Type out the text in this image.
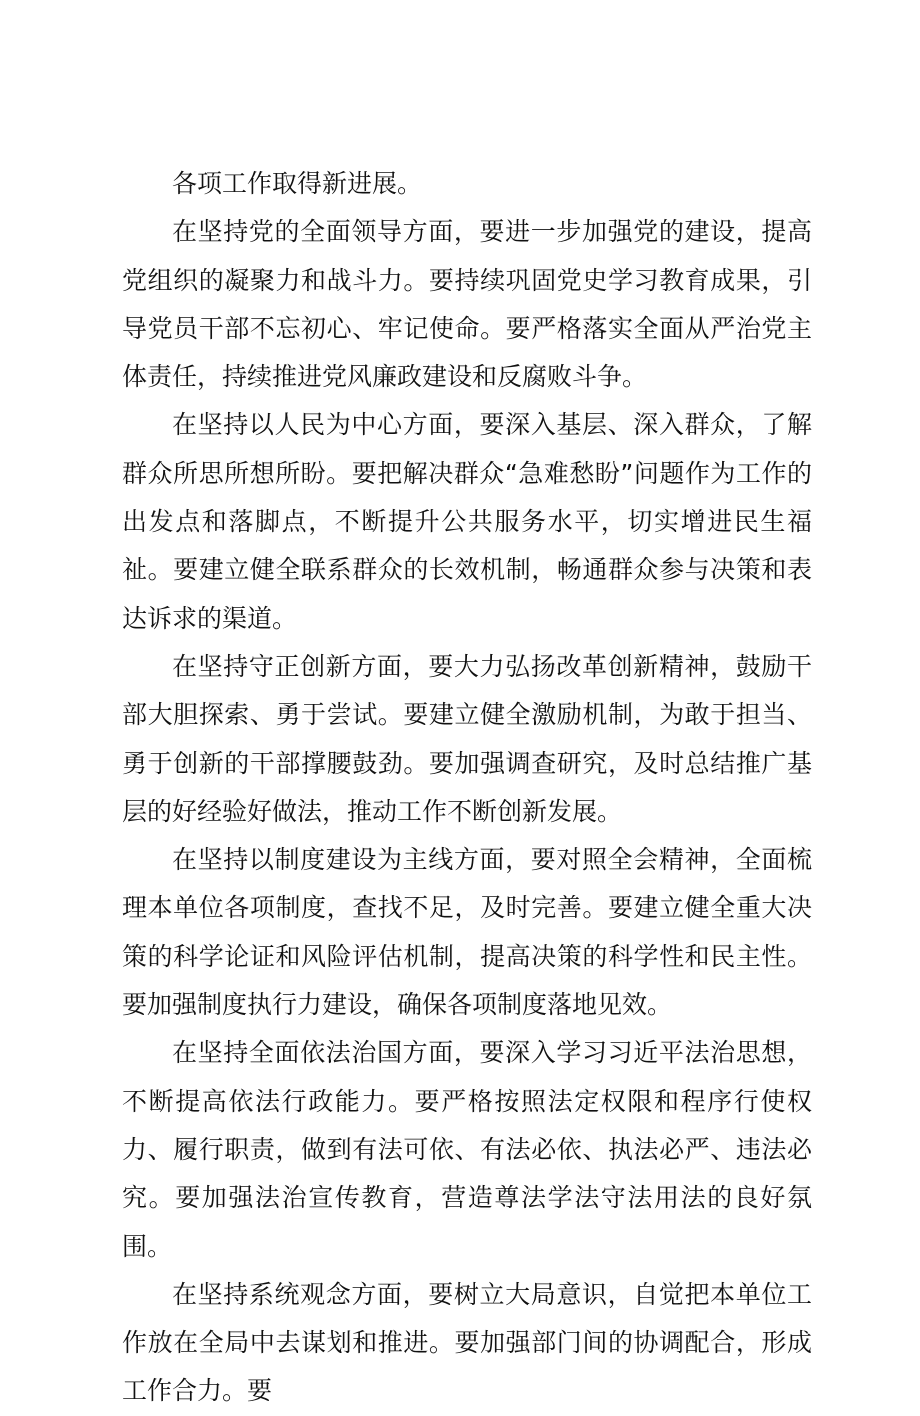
各项工作取得新进展。

在坚持党的全面领导方面，要进一步加强党的建设，提高党组织的凝聚力和战斗力。要持续巩固党史学习教育成果，引导党员干部不忘初心、牢记使命。要严格落实全面从严治党主体责任，持续推进党风廉政建设和反腐败斗争。

在坚持以人民为中心方面，要深入基层、深入群众，了解群众所思所想所盼。要把解决群众“急难愁盼”问题作为工作的出发点和落脚点，不断提升公共服务水平，切实增进民生福祉。要建立健全联系群众的长效机制，畅通群众参与决策和表达诉求的渠道。

在坚持守正创新方面，要大力弘扬改革创新精神，鼓励干部大胆探索、勇于尝试。要建立健全激励机制，为敢于担当、勇于创新的干部撑腰鼓劲。要加强调查研究，及时总结推广基层的好经验好做法，推动工作不断创新发展。

在坚持以制度建设为主线方面，要对照全会精神，全面梳理本单位各项制度，查找不足，及时完善。要建立健全重大决策的科学论证和风险评估机制，提高决策的科学性和民主性。要加强制度执行力建设，确保各项制度落地见效。

在坚持全面依法治国方面，要深入学习习近平法治思想，不断提高依法行政能力。要严格按照法定权限和程序行使权力、履行职责，做到有法可依、有法必依、执法必严、违法必究。要加强法治宣传教育，营造尊法学法守法用法的良好氛围。

在坚持系统观念方面，要树立大局意识，自觉把本单位工作放在全局中去谋划和推进。要加强部门间的协调配合，形成工作合力。要
